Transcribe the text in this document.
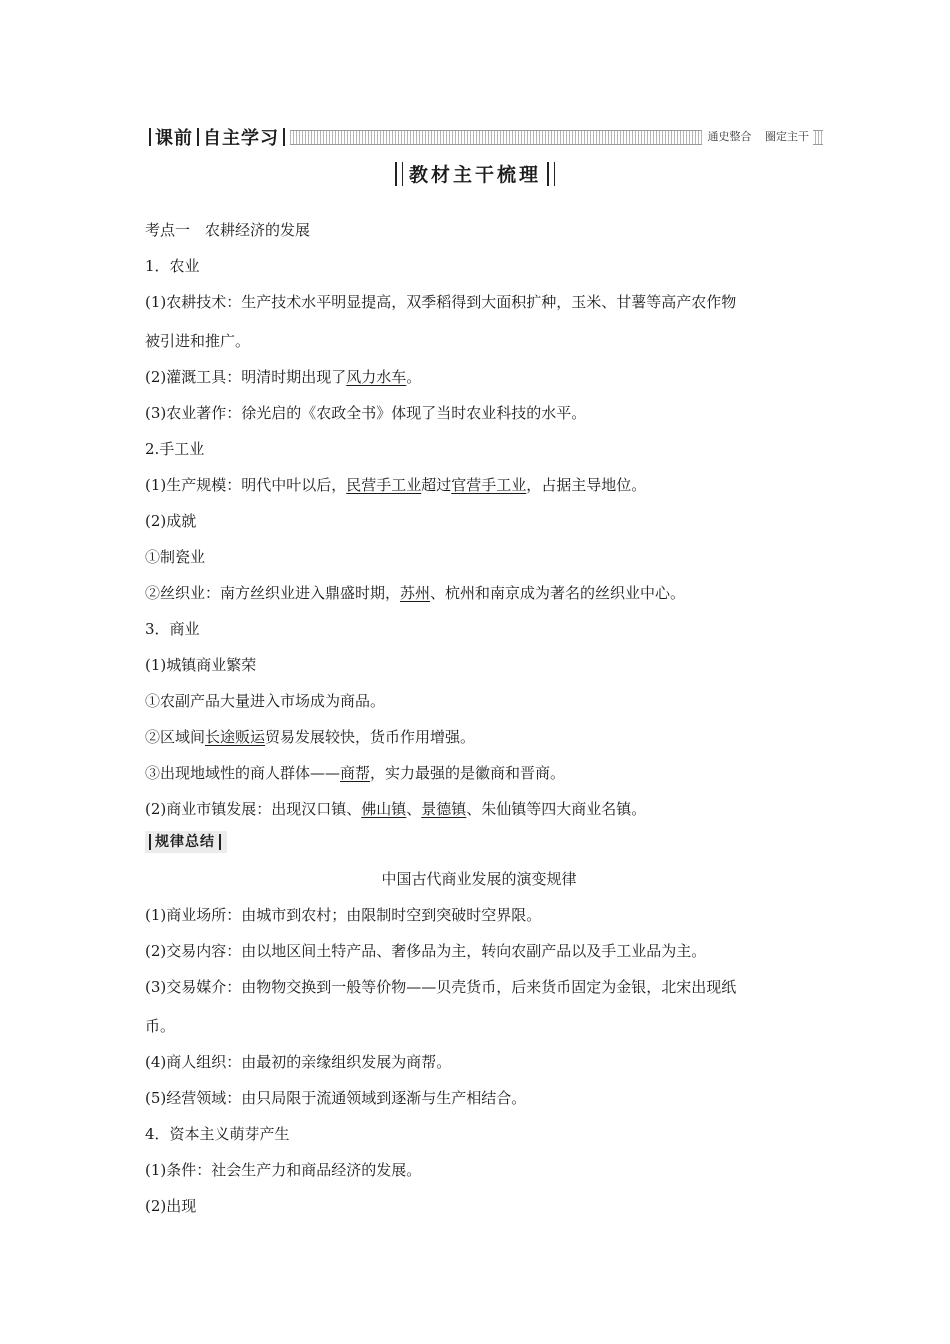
课前 自主学习	通史整合 圈定主干
教材主干梳理
考点一　农耕经济的发展
1．农业
(1)农耕技术：生产技术水平明显提高，双季稻得到大面积扩种，玉米、甘薯等高产农作物
被引进和推广。
(2)灌溉工具：明清时期出现了风力水车。
(3)农业著作：徐光启的《农政全书》体现了当时农业科技的水平。
2.手工业
(1)生产规模：明代中叶以后，民营手工业超过官营手工业，占据主导地位。
(2)成就
①制瓷业
②丝织业：南方丝织业进入鼎盛时期，苏州、杭州和南京成为著名的丝织业中心。
3．商业
(1)城镇商业繁荣
①农副产品大量进入市场成为商品。
②区域间长途贩运贸易发展较快，货币作用增强。
③出现地域性的商人群体——商帮，实力最强的是徽商和晋商。
(2)商业市镇发展：出现汉口镇、佛山镇、景德镇、朱仙镇等四大商业名镇。
规律总结
中国古代商业发展的演变规律
(1)商业场所：由城市到农村；由限制时空到突破时空界限。
(2)交易内容：由以地区间土特产品、奢侈品为主，转向农副产品以及手工业品为主。
(3)交易媒介：由物物交换到一般等价物——贝壳货币，后来货币固定为金银，北宋出现纸
币。
(4)商人组织：由最初的亲缘组织发展为商帮。
(5)经营领域：由只局限于流通领域到逐渐与生产相结合。
4．资本主义萌芽产生
(1)条件：社会生产力和商品经济的发展。
(2)出现
